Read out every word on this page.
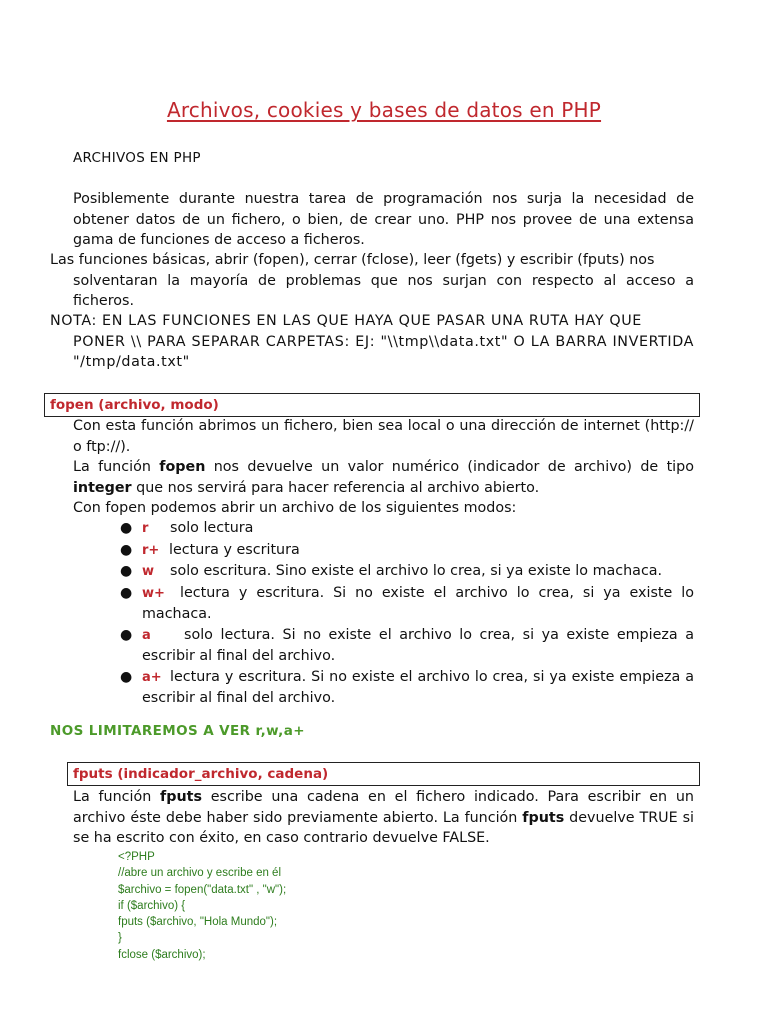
Archivos, cookies y bases de datos en PHP
ARCHIVOS EN PHP
Posiblemente durante nuestra tarea de programación nos surja la necesidad de obtener datos de un fichero, o bien, de crear uno. PHP nos provee de una extensa gama de funciones de acceso a ficheros.
Las funciones básicas, abrir (fopen), cerrar (fclose), leer (fgets) y escribir (fputs) nos
solventaran la mayoría de problemas que nos surjan con respecto al acceso a ficheros.
NOTA: EN LAS FUNCIONES EN LAS QUE HAYA QUE PASAR UNA RUTA HAY QUE
PONER \\ PARA SEPARAR CARPETAS: EJ: "\\tmp\\data.txt" O LA BARRA INVERTIDA "/tmp/data.txt"
fopen (archivo, modo)
Con esta función abrimos un fichero, bien sea local o una dirección de internet (http:// o ftp://).
La función fopen nos devuelve un valor numérico (indicador de archivo) de tipo integer que nos servirá para hacer referencia al archivo abierto.
Con fopen podemos abrir un archivo de los siguientes modos:
● r solo lectura
● r+ lectura y escritura
● w solo escritura. Sino existe el archivo lo crea, si ya existe lo machaca.
● w+ lectura y escritura. Si no existe el archivo lo crea, si ya existe lo machaca.
● a solo lectura. Si no existe el archivo lo crea, si ya existe empieza a escribir al final del archivo.
● a+ lectura y escritura. Si no existe el archivo lo crea, si ya existe empieza a escribir al final del archivo.
NOS LIMITAREMOS A VER r,w,a+
fputs (indicador_archivo, cadena)
La función fputs escribe una cadena en el fichero indicado. Para escribir en un archivo éste debe haber sido previamente abierto. La función fputs devuelve TRUE si se ha escrito con éxito, en caso contrario devuelve FALSE.
<?PHP
//abre un archivo y escribe en él
$archivo = fopen("data.txt" , "w");
if ($archivo) {
fputs ($archivo, "Hola Mundo");
}
fclose ($archivo);
